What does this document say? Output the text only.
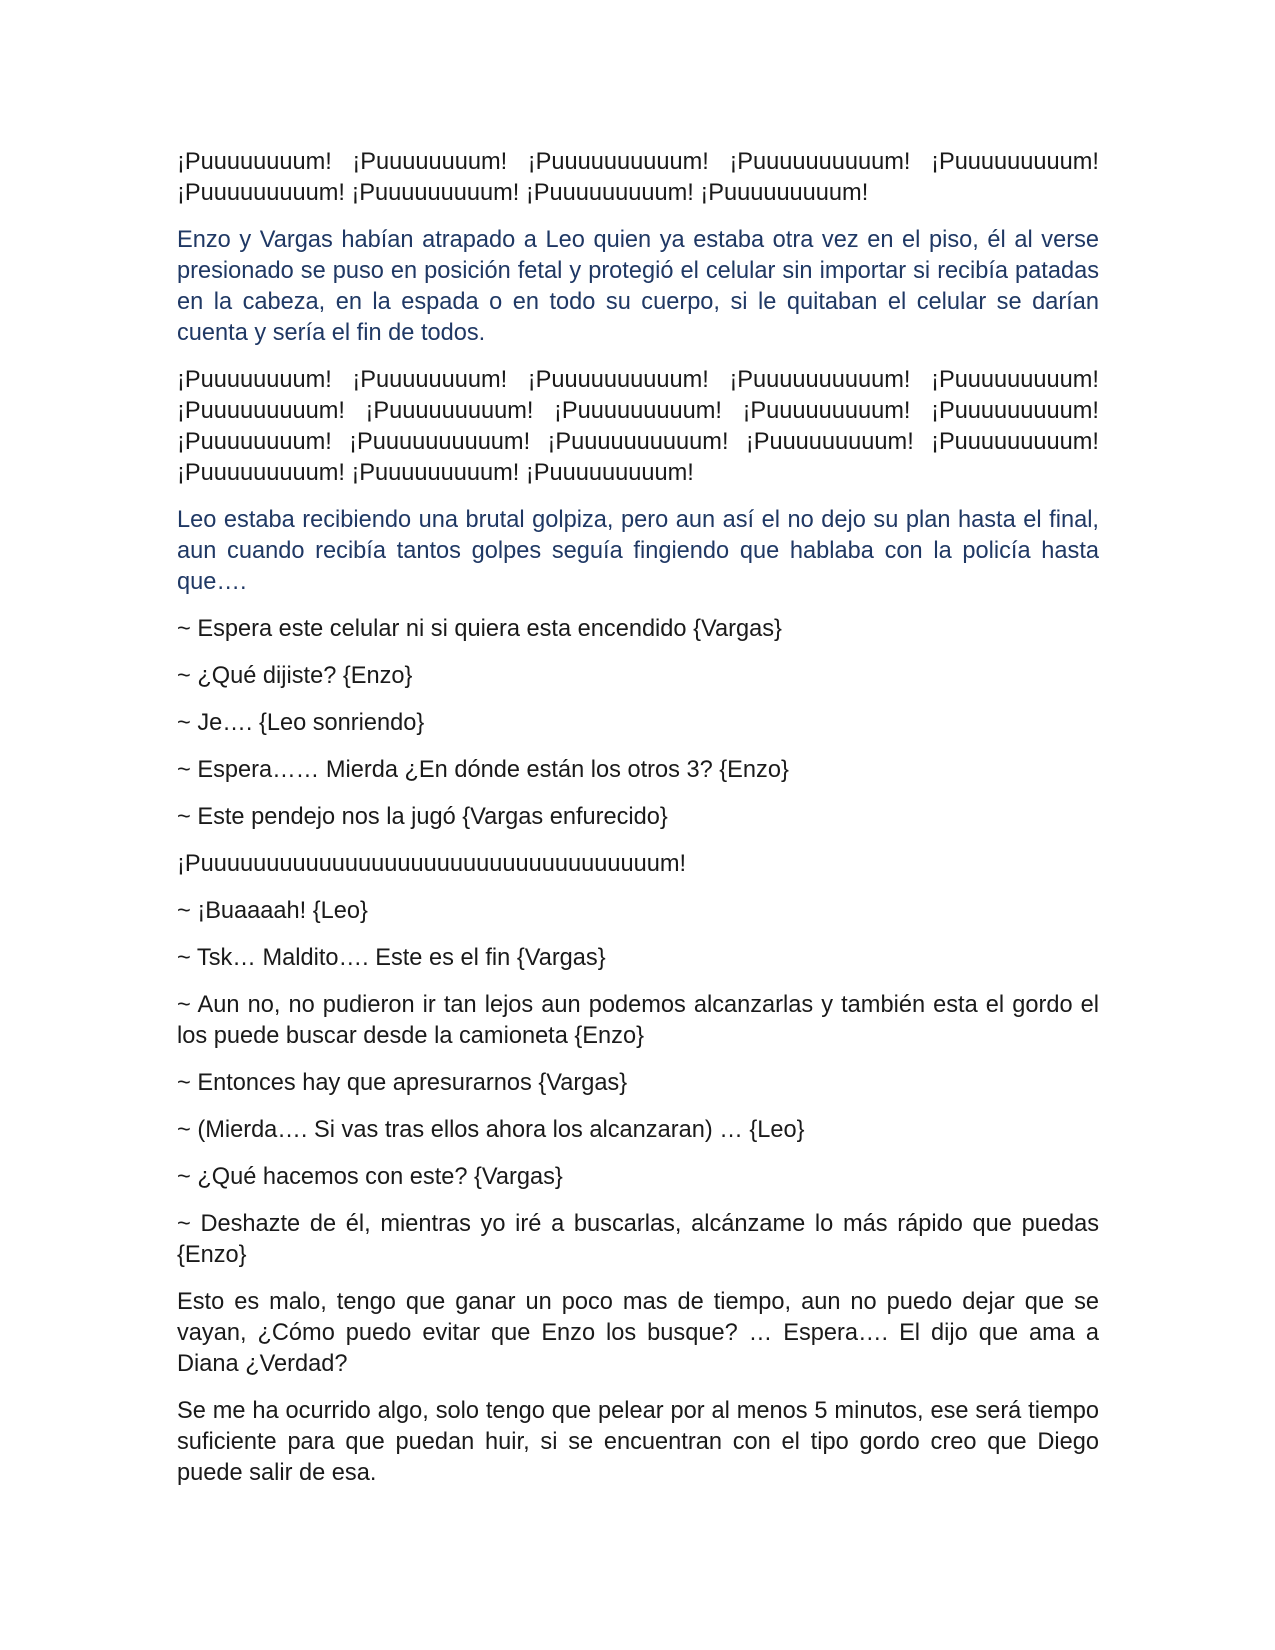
¡Puuuuuuuum! ¡Puuuuuuuum! ¡Puuuuuuuuuum! ¡Puuuuuuuuuum! ¡Puuuuuuuuum! ¡Puuuuuuuuum! ¡Puuuuuuuuum! ¡Puuuuuuuuum! ¡Puuuuuuuuum!

Enzo y Vargas habían atrapado a Leo quien ya estaba otra vez en el piso, él al verse presionado se puso en posición fetal y protegió el celular sin importar si recibía patadas en la cabeza, en la espada o en todo su cuerpo, si le quitaban el celular se darían cuenta y sería el fin de todos.

¡Puuuuuuuum! ¡Puuuuuuuum! ¡Puuuuuuuuuum! ¡Puuuuuuuuuum! ¡Puuuuuuuuum! ¡Puuuuuuuuum! ¡Puuuuuuuuum! ¡Puuuuuuuuum! ¡Puuuuuuuuum! ¡Puuuuuuuuum! ¡Puuuuuuuum! ¡Puuuuuuuuuum! ¡Puuuuuuuuuum! ¡Puuuuuuuuum! ¡Puuuuuuuuum! ¡Puuuuuuuuum! ¡Puuuuuuuuum! ¡Puuuuuuuuum!

Leo estaba recibiendo una brutal golpiza, pero aun así el no dejo su plan hasta el final, aun cuando recibía tantos golpes seguía fingiendo que hablaba con la policía hasta que….

~ Espera este celular ni si quiera esta encendido {Vargas}

~ ¿Qué dijiste? {Enzo}

~ Je…. {Leo sonriendo}

~ Espera…… Mierda ¿En dónde están los otros 3? {Enzo}

~ Este pendejo nos la jugó {Vargas enfurecido}

¡Puuuuuuuuuuuuuuuuuuuuuuuuuuuuuuuuuuum!

~ ¡Buaaaah! {Leo}

~ Tsk… Maldito…. Este es el fin {Vargas}

~ Aun no, no pudieron ir tan lejos aun podemos alcanzarlas y también esta el gordo el los puede buscar desde la camioneta {Enzo}

~ Entonces hay que apresurarnos {Vargas}

~ (Mierda…. Si vas tras ellos ahora los alcanzaran) … {Leo}

~ ¿Qué hacemos con este? {Vargas}

~ Deshazte de él, mientras yo iré a buscarlas, alcánzame lo más rápido que puedas {Enzo}

Esto es malo, tengo que ganar un poco mas de tiempo, aun no puedo dejar que se vayan, ¿Cómo puedo evitar que Enzo los busque? … Espera…. El dijo que ama a Diana ¿Verdad?

Se me ha ocurrido algo, solo tengo que pelear por al menos 5 minutos, ese será tiempo suficiente para que puedan huir, si se encuentran con el tipo gordo creo que Diego puede salir de esa.
